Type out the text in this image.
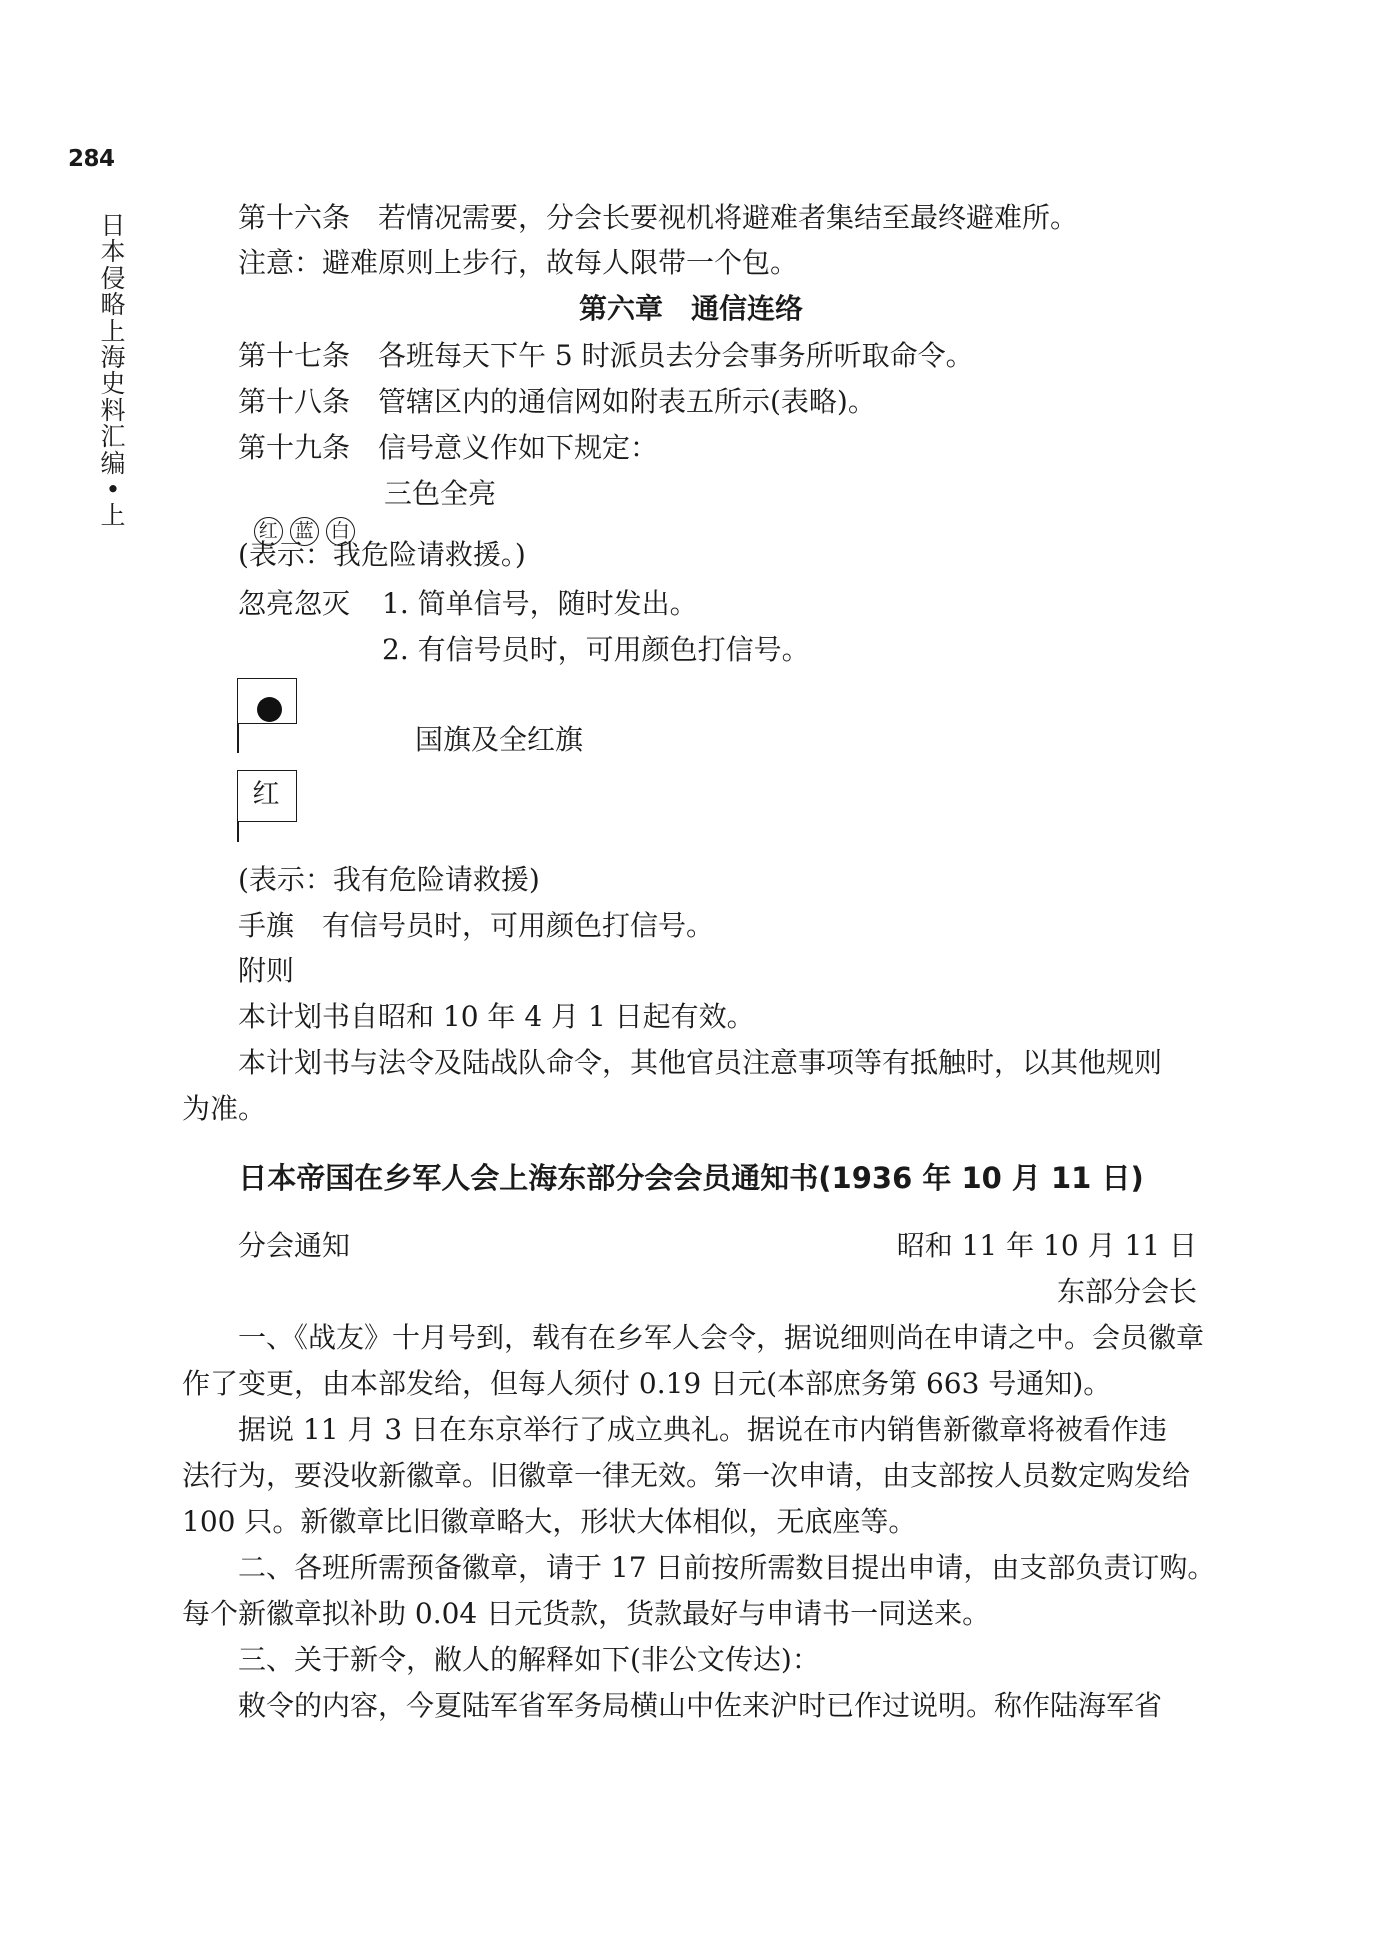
284
日
本
侵
略
上
海
史
料
汇
编
•
上
第十六条　若情况需要，分会长要视机将避难者集结至最终避难所。
注意：避难原则上步行，故每人限带一个包。
第六章　通信连络
第十七条　各班每天下午 5 时派员去分会事务所听取命令。
第十八条　管辖区内的通信网如附表五所示(表略)。
第十九条　信号意义作如下规定：

红 蓝 白

三色全亮
(表示：我危险请救援。)
忽亮忽灭 1. 简单信号，随时发出。
2. 有信号员时，可用颜色打信号。
国旗及全红旗
红
(表示：我有危险请救援)
手旗　有信号员时，可用颜色打信号。
附则
本计划书自昭和 10 年 4 月 1 日起有效。
本计划书与法令及陆战队命令，其他官员注意事项等有抵触时，以其他规则
为准。
日本帝国在乡军人会上海东部分会会员通知书(1936 年 10 月 11 日)
分会通知	昭和 11 年 10 月 11 日
东部分会长
一、《战友》十月号到，载有在乡军人会令，据说细则尚在申请之中。会员徽章
作了变更，由本部发给，但每人须付 0.19 日元(本部庶务第 663 号通知)。
据说 11 月 3 日在东京举行了成立典礼。据说在市内销售新徽章将被看作违
法行为，要没收新徽章。旧徽章一律无效。第一次申请，由支部按人员数定购发给
100 只。新徽章比旧徽章略大，形状大体相似，无底座等。
二、各班所需预备徽章，请于 17 日前按所需数目提出申请，由支部负责订购。
每个新徽章拟补助 0.04 日元货款，货款最好与申请书一同送来。
三、关于新令，敝人的解释如下(非公文传达)：
敕令的内容，今夏陆军省军务局横山中佐来沪时已作过说明。称作陆海军省
